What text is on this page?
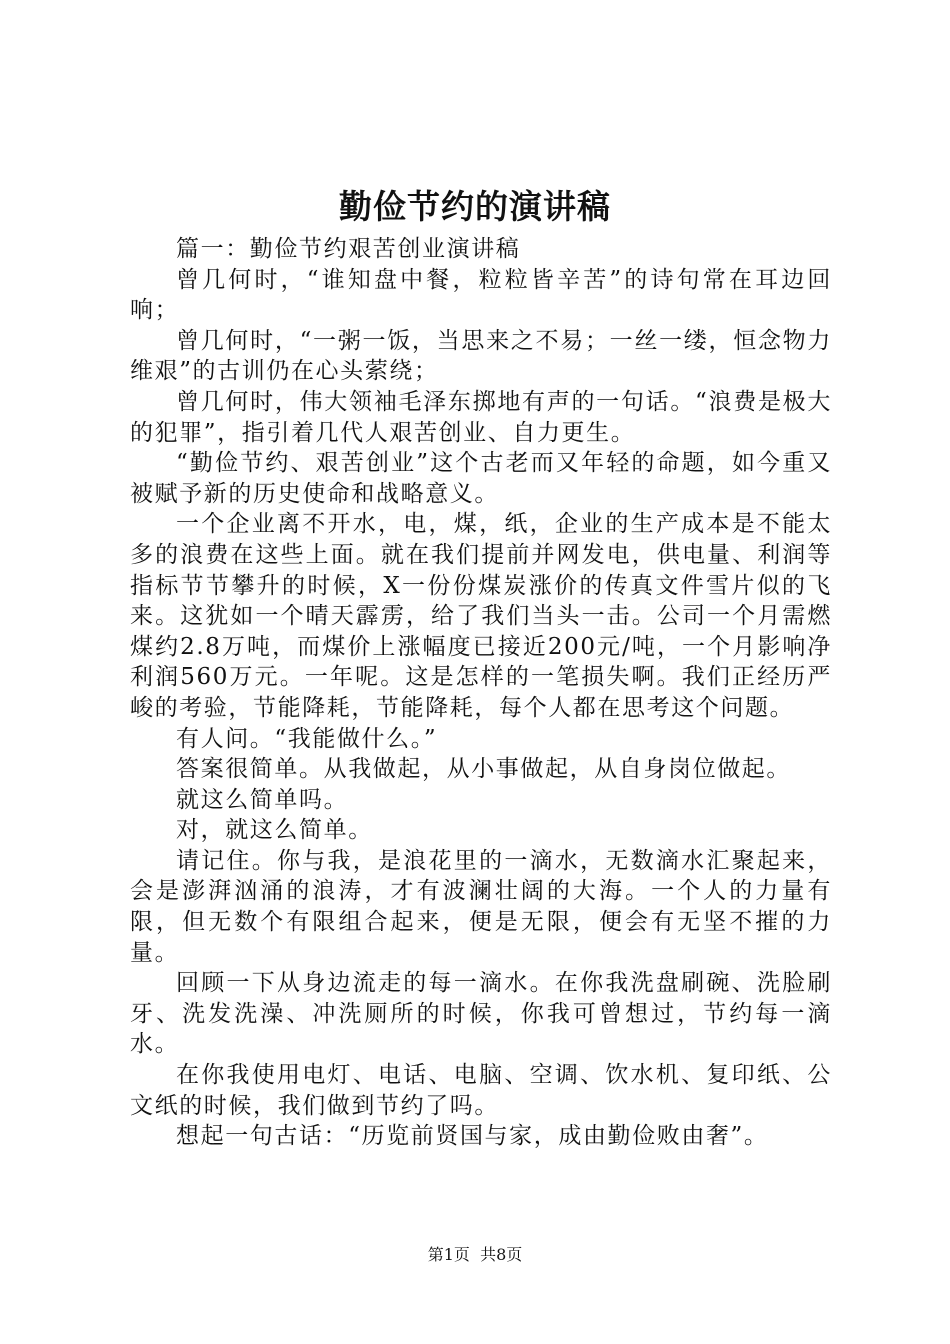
勤俭节约的演讲稿

篇一：勤俭节约艰苦创业演讲稿

曾几何时，“谁知盘中餐，粒粒皆辛苦”的诗句常在耳边回响；

曾几何时，“一粥一饭，当思来之不易；一丝一缕，恒念物力维艰”的古训仍在心头萦绕；

曾几何时，伟大领袖毛泽东掷地有声的一句话。“浪费是极大的犯罪”，指引着几代人艰苦创业、自力更生。

“勤俭节约、艰苦创业”这个古老而又年轻的命题，如今重又被赋予新的历史使命和战略意义。

一个企业离不开水，电，煤，纸，企业的生产成本是不能太多的浪费在这些上面。就在我们提前并网发电，供电量、利润等指标节节攀升的时候，X一份份煤炭涨价的传真文件雪片似的飞来。这犹如一个晴天霹雳，给了我们当头一击。公司一个月需燃煤约2.8万吨，而煤价上涨幅度已接近200元/吨，一个月影响净利润560万元。一年呢。这是怎样的一笔损失啊。我们正经历严峻的考验，节能降耗，节能降耗，每个人都在思考这个问题。

有人问。“我能做什么。”

答案很简单。从我做起，从小事做起，从自身岗位做起。

就这么简单吗。

对，就这么简单。

请记住。你与我，是浪花里的一滴水，无数滴水汇聚起来，会是澎湃汹涌的浪涛，才有波澜壮阔的大海。一个人的力量有限，但无数个有限组合起来，便是无限，便会有无坚不摧的力量。

回顾一下从身边流走的每一滴水。在你我洗盘刷碗、洗脸刷牙、洗发洗澡、冲洗厕所的时候，你我可曾想过，节约每一滴水。

在你我使用电灯、电话、电脑、空调、饮水机、复印纸、公文纸的时候，我们做到节约了吗。

想起一句古话：“历览前贤国与家，成由勤俭败由奢”。

第1页  共8页
